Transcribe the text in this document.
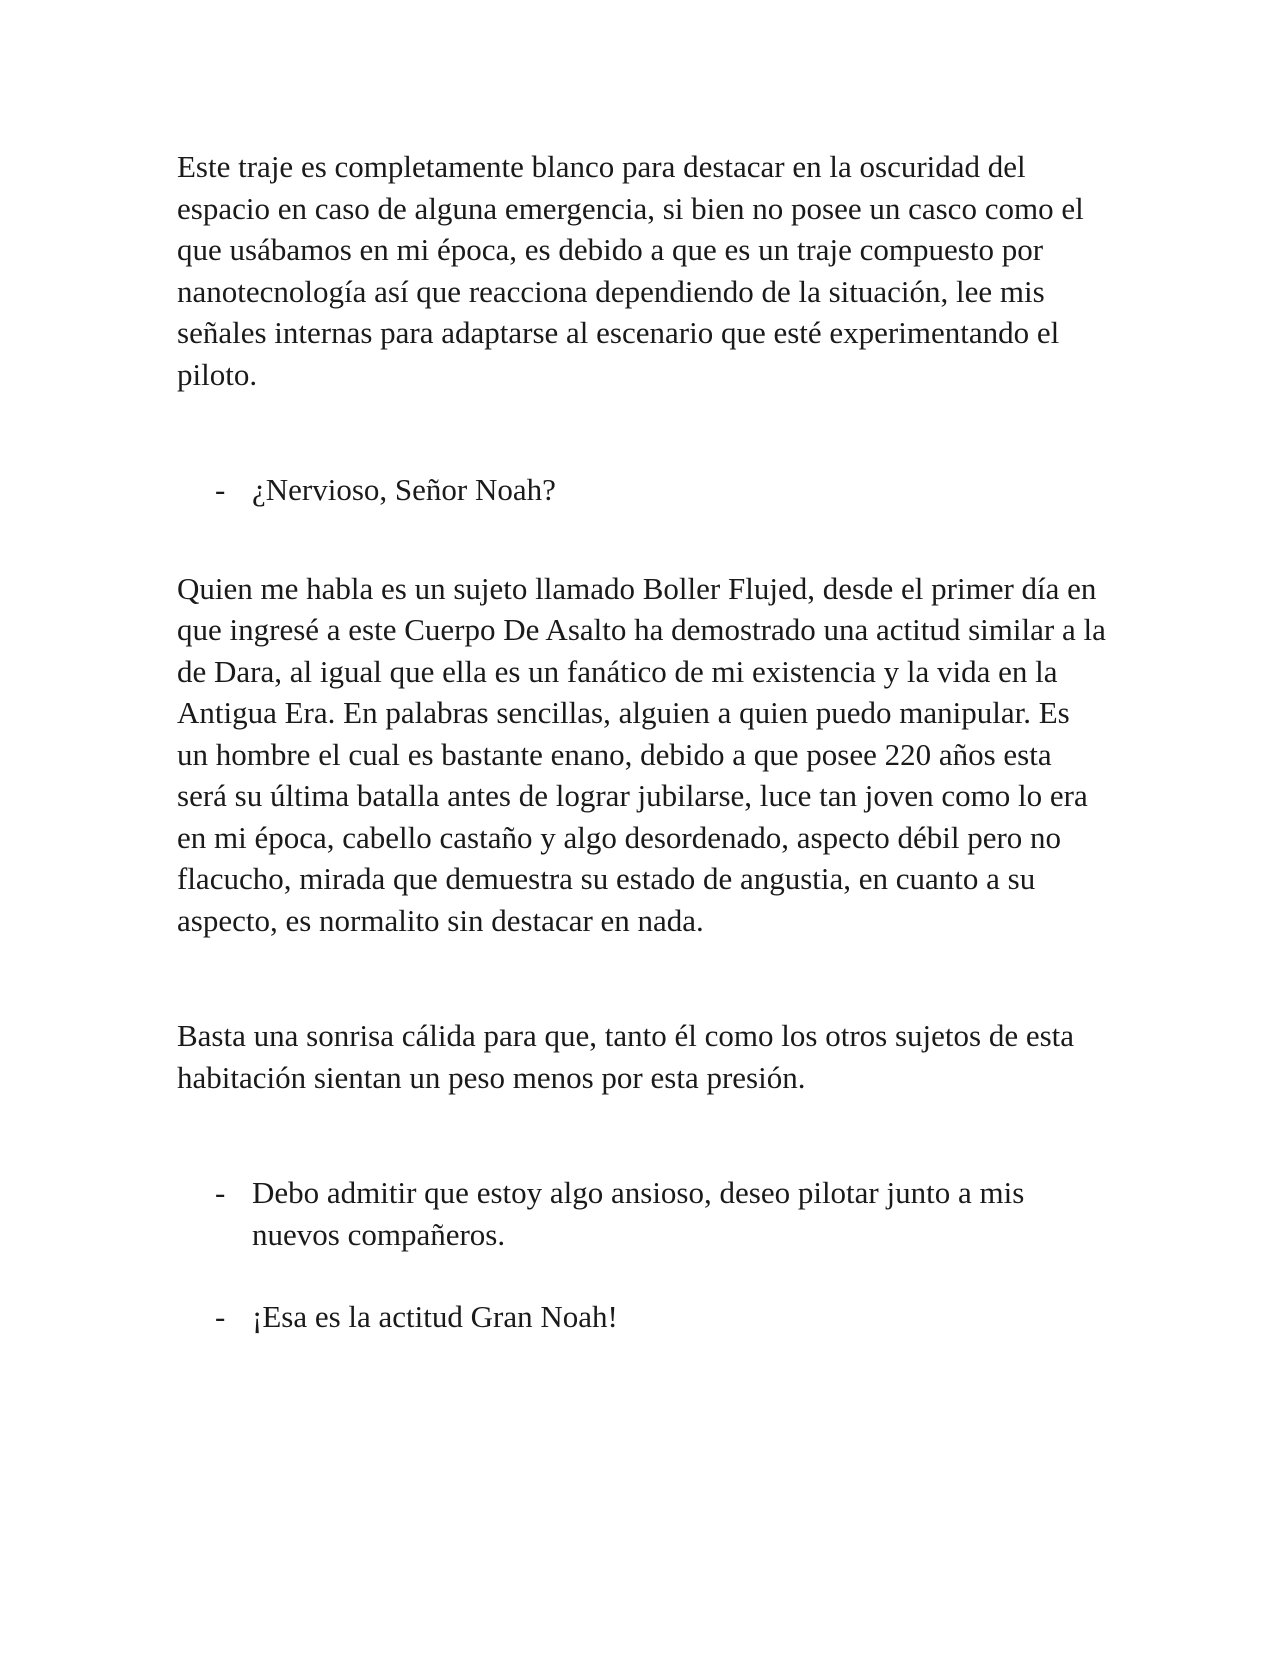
Este traje es completamente blanco para destacar en la oscuridad del espacio en caso de alguna emergencia, si bien no posee un casco como el que usábamos en mi época, es debido a que es un traje compuesto por nanotecnología así que reacciona dependiendo de la situación, lee mis señales internas para adaptarse al escenario que esté experimentando el piloto.

- ¿Nervioso, Señor Noah?

Quien me habla es un sujeto llamado Boller Flujed, desde el primer día en que ingresé a este Cuerpo De Asalto ha demostrado una actitud similar a la de Dara, al igual que ella es un fanático de mi existencia y la vida en la Antigua Era. En palabras sencillas, alguien a quien puedo manipular. Es un hombre el cual es bastante enano, debido a que posee 220 años esta será su última batalla antes de lograr jubilarse, luce tan joven como lo era en mi época, cabello castaño y algo desordenado, aspecto débil pero no flacucho, mirada que demuestra su estado de angustia, en cuanto a su aspecto, es normalito sin destacar en nada.

Basta una sonrisa cálida para que, tanto él como los otros sujetos de esta habitación sientan un peso menos por esta presión.

- Debo admitir que estoy algo ansioso, deseo pilotar junto a mis nuevos compañeros.
- ¡Esa es la actitud Gran Noah!
